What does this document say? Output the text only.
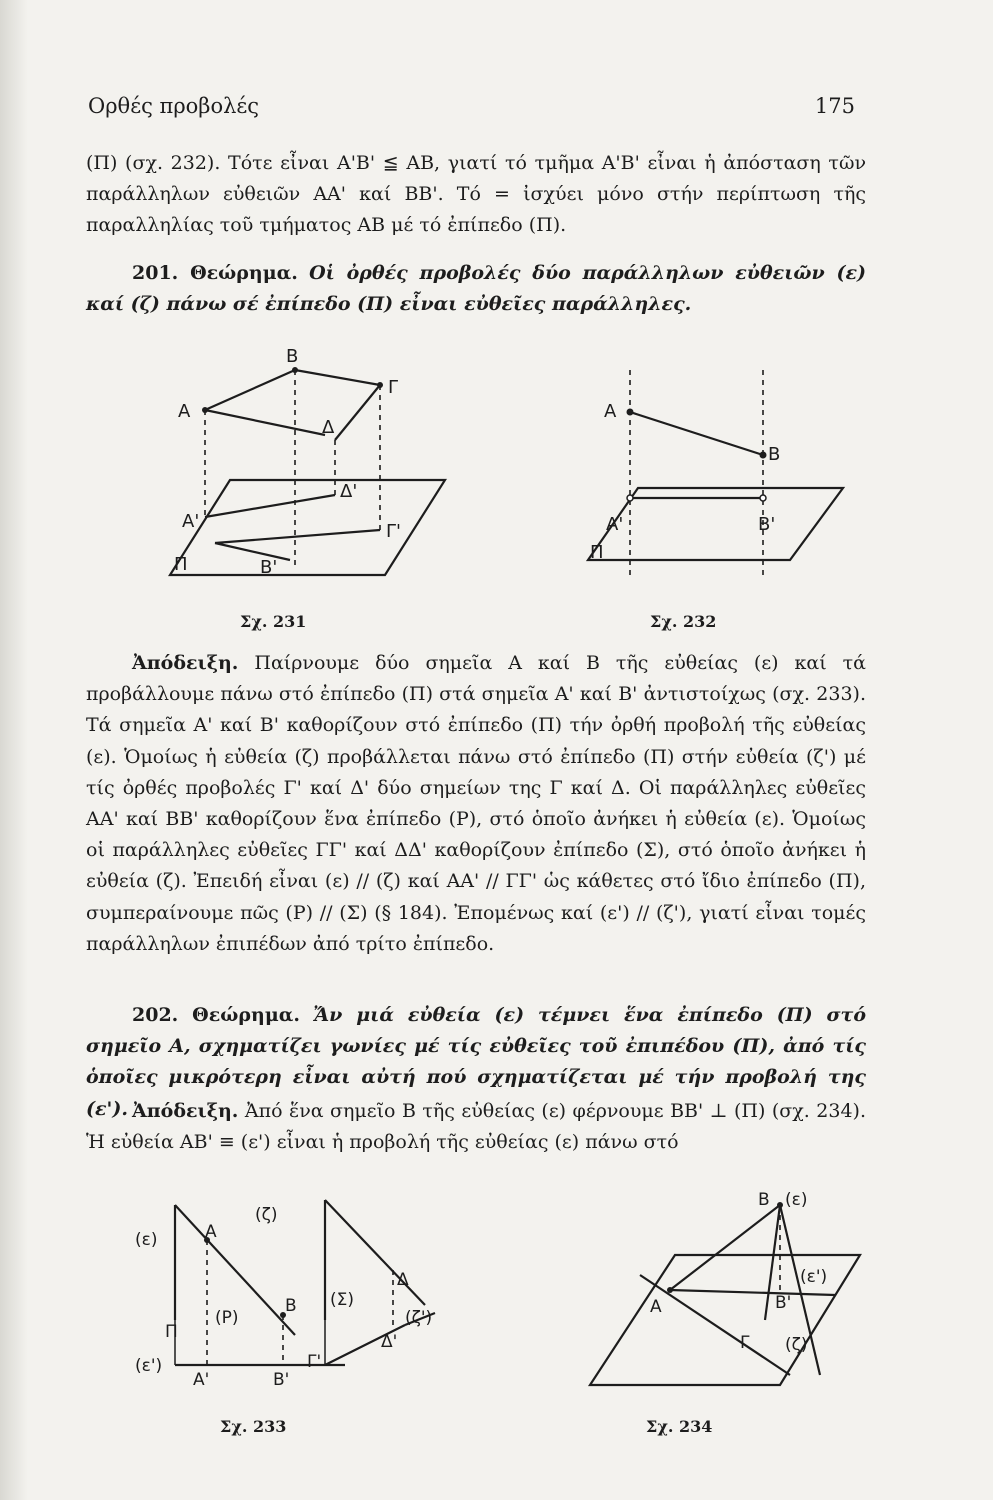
Ορθές προβολές	175

(Π) (σχ. 232). Τότε εἶναι Α'Β' ≦ ΑΒ, γιατί τό τμῆμα Α'Β' εἶναι ἡ ἀπόσταση τῶν παράλληλων εὐθειῶν ΑΑ' καί ΒΒ'. Τό = ἰσχύει μόνο στήν περίπτωση τῆς παραλληλίας τοῦ τμήματος ΑΒ μέ τό ἐπίπεδο (Π).

201. Θεώρημα. Οἱ ὀρθές προβολές δύο παράλληλων εὐθειῶν (ε) καί (ζ) πάνω σέ ἐπίπεδο (Π) εἶναι εὐθεῖες παράλληλες.

B
A
Γ
Δ
Δ'
A'	Γ'
B'
Π
Σχ. 231
A
B
A'	B'
Π
Σχ. 232

Ἀπόδειξη. Παίρνουμε δύο σημεῖα Α καί Β τῆς εὐθείας (ε) καί τά προβάλλουμε πάνω στό ἐπίπεδο (Π) στά σημεῖα Α' καί Β' ἀντιστοίχως (σχ. 233). Τά σημεῖα Α' καί Β' καθορίζουν στό ἐπίπεδο (Π) τήν ὀρθή προβολή τῆς εὐθείας (ε). Ὁμοίως ἡ εὐθεία (ζ) προβάλλεται πάνω στό ἐπίπεδο (Π) στήν εὐθεία (ζ') μέ τίς ὀρθές προβολές Γ' καί Δ' δύο σημείων της Γ καί Δ. Οἱ παράλληλες εὐθεῖες ΑΑ' καί ΒΒ' καθορίζουν ἕνα ἐπίπεδο (Ρ), στό ὁποῖο ἀνήκει ἡ εὐθεία (ε). Ὁμοίως οἱ παράλληλες εὐθεῖες ΓΓ' καί ΔΔ' καθορίζουν ἐπίπεδο (Σ), στό ὁποῖο ἀνήκει ἡ εὐθεία (ζ). Ἐπειδή εἶναι (ε) // (ζ) καί ΑΑ' // ΓΓ' ὡς κάθετες στό ἴδιο ἐπίπεδο (Π), συμπεραίνουμε πῶς (Ρ) // (Σ) (§ 184). Ἐπομένως καί (ε') // (ζ'), γιατί εἶναι τομές παράλληλων ἐπιπέδων ἀπό τρίτο ἐπίπεδο.

202. Θεώρημα. Ἄν μιά εὐθεία (ε) τέμνει ἕνα ἐπίπεδο (Π) στό σημεῖο Α, σχηματίζει γωνίες μέ τίς εὐθεῖες τοῦ ἐπιπέδου (Π), ἀπό τίς ὁποῖες μικρότερη εἶναι αὐτή πού σχηματίζεται μέ τήν προβολή της (ε'). Ἀπόδειξη. Ἀπό ἕνα σημεῖο Β τῆς εὐθείας (ε) φέρνουμε ΒΒ' ⊥ (Π) (σχ. 234). Ἡ εὐθεία ΑΒ' ≡ (ε') εἶναι ἡ προβολή τῆς εὐθείας (ε) πάνω στό

(ε)
(ζ)
A
Π
(P)
B (Σ)
(ε')
A'	B'
Γ'
Δ
(ζ')
Δ'
Σχ. 233
B (ε)
(ε')
A	B'
Γ (ζ)
Σχ. 234
